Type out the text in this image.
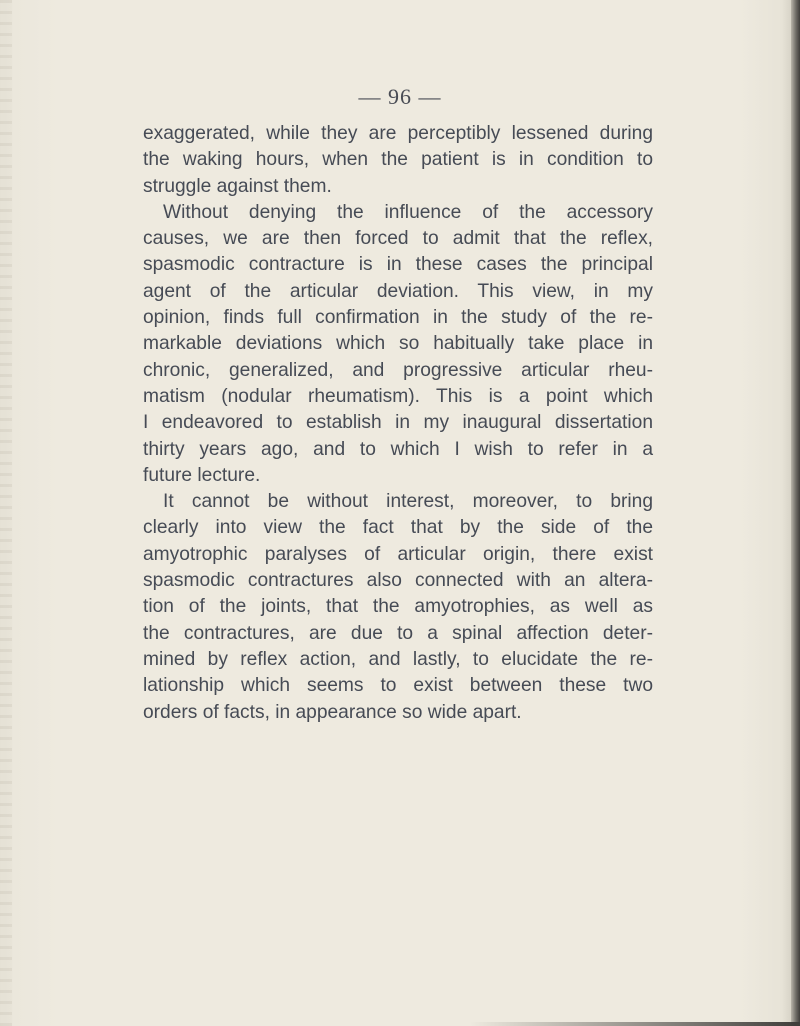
— 96 —

exaggerated, while they are perceptibly lessened during
the waking hours, when the patient is in condition to
struggle against them.

Without denying the influence of the accessory
causes, we are then forced to admit that the reflex,
spasmodic contracture is in these cases the principal
agent of the articular deviation. This view, in my
opinion, finds full confirmation in the study of the re-
markable deviations which so habitually take place in
chronic, generalized, and progressive articular rheu-
matism (nodular rheumatism). This is a point which
I endeavored to establish in my inaugural dissertation
thirty years ago, and to which I wish to refer in a
future lecture.

It cannot be without interest, moreover, to bring
clearly into view the fact that by the side of the
amyotrophic paralyses of articular origin, there exist
spasmodic contractures also connected with an altera-
tion of the joints, that the amyotrophies, as well as
the contractures, are due to a spinal affection deter-
mined by reflex action, and lastly, to elucidate the re-
lationship which seems to exist between these two
orders of facts, in appearance so wide apart.
